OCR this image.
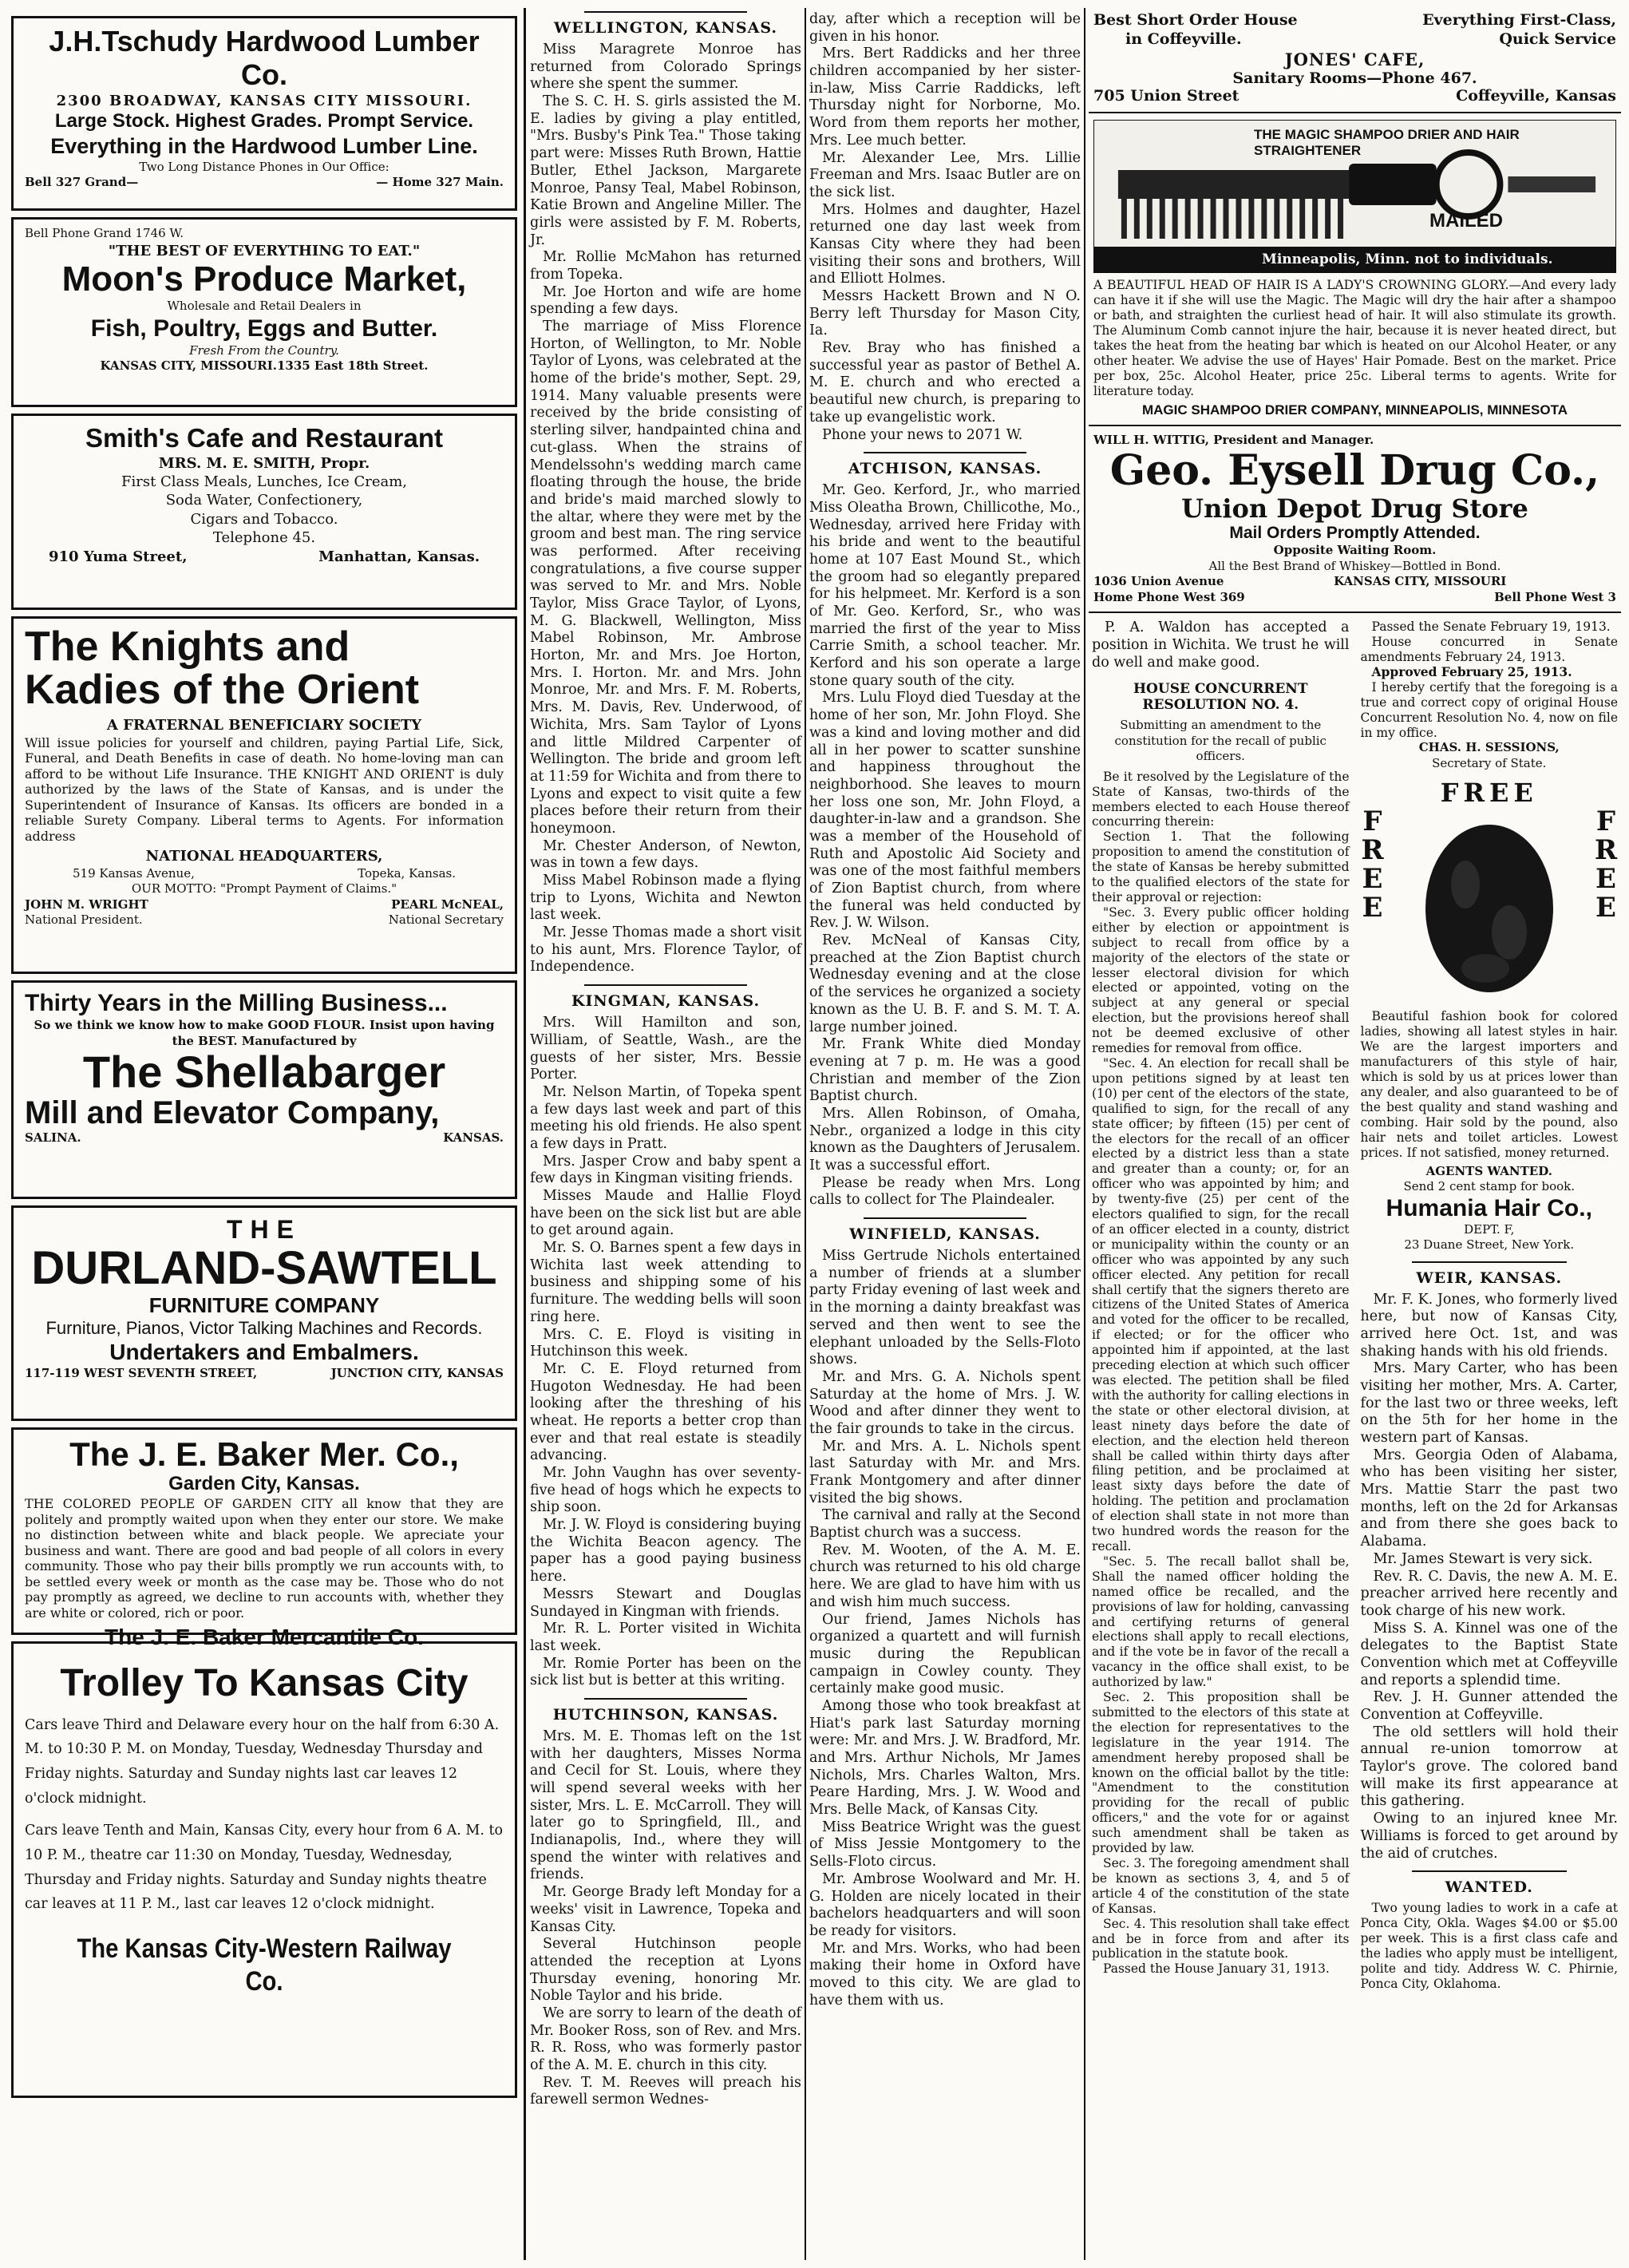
J.H.Tschudy Hardwood Lumber Co.
2300 BROADWAY, KANSAS CITY MISSOURI.
Large Stock. Highest Grades. Prompt Service.
Everything in the Hardwood Lumber Line.
Two Long Distance Phones in Our Office:
Bell 327 Grand—	— Home 327 Main.
Bell Phone Grand 1746 W.
"THE BEST OF EVERYTHING TO EAT."
Moon's Produce Market,
Wholesale and Retail Dealers in
Fish, Poultry, Eggs and Butter.
Fresh From the Country.
KANSAS CITY, MISSOURI.1335 East 18th Street.
Smith's Cafe and Restaurant
MRS. M. E. SMITH, Propr.
First Class Meals, Lunches, Ice Cream,
Soda Water, Confectionery,
Cigars and Tobacco.
Telephone 45.
910 Yuma Street,	Manhattan, Kansas.
The Knights and
Kadies of the Orient
A FRATERNAL BENEFICIARY SOCIETY

Will issue policies for yourself and children, paying Partial Life, Sick, Funeral, and Death Benefits in case of death. No home-loving man can afford to be without Life Insurance. THE KNIGHT AND ORIENT is duly authorized by the laws of the State of Kansas, and is under the Superintendent of Insurance of Kansas. Its officers are bonded in a reliable Surety Company. Liberal terms to Agents. For information address

NATIONAL HEADQUARTERS,
519 Kansas Avenue,	Topeka, Kansas.
OUR MOTTO: "Prompt Payment of Claims."
JOHN M. WRIGHT	PEARL McNEAL,
National President.	National Secretary
Thirty Years in the Milling Business...
So we think we know how to make GOOD FLOUR. Insist upon having the BEST. Manufactured by
The Shellabarger
Mill and Elevator Company,
SALINA.	KANSAS.
THE
DURLAND-SAWTELL
FURNITURE COMPANY
Furniture, Pianos, Victor Talking Machines and Records.
Undertakers and Embalmers.
117-119 WEST SEVENTH STREET,	JUNCTION CITY, KANSAS
The J. E. Baker Mer. Co.,
Garden City, Kansas.

THE COLORED PEOPLE OF GARDEN CITY all know that they are politely and promptly waited upon when they enter our store. We make no distinction between white and black people. We apreciate your business and want. There are good and bad people of all colors in every community. Those who pay their bills promptly we run accounts with, to be settled every week or month as the case may be. Those who do not pay promptly as agreed, we decline to run accounts with, whether they are white or colored, rich or poor.

The J. E. Baker Mercantile Co.
Trolley To Kansas City

Cars leave Third and Delaware every hour on the half from 6:30 A. M. to 10:30 P. M. on Monday, Tuesday, Wednesday Thursday and Friday nights. Saturday and Sunday nights last car leaves 12 o'clock midnight.

Cars leave Tenth and Main, Kansas City, every hour from 6 A. M. to 10 P. M., theatre car 11:30 on Monday, Tuesday, Wednesday, Thursday and Friday nights. Saturday and Sunday nights theatre car leaves at 11 P. M., last car leaves 12 o'clock midnight.

The Kansas City-Western Railway Co.
WELLINGTON, KANSAS.

Miss Maragrete Monroe has returned from Colorado Springs where she spent the summer.

The S. C. H. S. girls assisted the M. E. ladies by giving a play entitled, "Mrs. Busby's Pink Tea." Those taking part were: Misses Ruth Brown, Hattie Butler, Ethel Jackson, Margarete Monroe, Pansy Teal, Mabel Robinson, Katie Brown and Angeline Miller. The girls were assisted by F. M. Roberts, Jr.

Mr. Rollie McMahon has returned from Topeka.

Mr. Joe Horton and wife are home spending a few days.

The marriage of Miss Florence Horton, of Wellington, to Mr. Noble Taylor of Lyons, was celebrated at the home of the bride's mother, Sept. 29, 1914. Many valuable presents were received by the bride consisting of sterling silver, handpainted china and cut-glass. When the strains of Mendelssohn's wedding march came floating through the house, the bride and bride's maid marched slowly to the altar, where they were met by the groom and best man. The ring service was performed. After receiving congratulations, a five course supper was served to Mr. and Mrs. Noble Taylor, Miss Grace Taylor, of Lyons, M. G. Blackwell, Wellington, Miss Mabel Robinson, Mr. Ambrose Horton, Mr. and Mrs. Joe Horton, Mrs. I. Horton. Mr. and Mrs. John Monroe, Mr. and Mrs. F. M. Roberts, Mrs. M. Davis, Rev. Underwood, of Wichita, Mrs. Sam Taylor of Lyons and little Mildred Carpenter of Wellington. The bride and groom left at 11:59 for Wichita and from there to Lyons and expect to visit quite a few places before their return from their honeymoon.

Mr. Chester Anderson, of Newton, was in town a few days.

Miss Mabel Robinson made a flying trip to Lyons, Wichita and Newton last week.

Mr. Jesse Thomas made a short visit to his aunt, Mrs. Florence Taylor, of Independence.

KINGMAN, KANSAS.

Mrs. Will Hamilton and son, William, of Seattle, Wash., are the guests of her sister, Mrs. Bessie Porter.

Mr. Nelson Martin, of Topeka spent a few days last week and part of this meeting his old friends. He also spent a few days in Pratt.

Mrs. Jasper Crow and baby spent a few days in Kingman visiting friends.

Misses Maude and Hallie Floyd have been on the sick list but are able to get around again.

Mr. S. O. Barnes spent a few days in Wichita last week attending to business and shipping some of his furniture. The wedding bells will soon ring here.

Mrs. C. E. Floyd is visiting in Hutchinson this week.

Mr. C. E. Floyd returned from Hugoton Wednesday. He had been looking after the threshing of his wheat. He reports a better crop than ever and that real estate is steadily advancing.

Mr. John Vaughn has over seventy-five head of hogs which he expects to ship soon.

Mr. J. W. Floyd is considering buying the Wichita Beacon agency. The paper has a good paying business here.

Messrs Stewart and Douglas Sundayed in Kingman with friends.

Mr. R. L. Porter visited in Wichita last week.

Mr. Romie Porter has been on the sick list but is better at this writing.

HUTCHINSON, KANSAS.

Mrs. M. E. Thomas left on the 1st with her daughters, Misses Norma and Cecil for St. Louis, where they will spend several weeks with her sister, Mrs. L. E. McCarroll. They will later go to Springfield, Ill., and Indianapolis, Ind., where they will spend the winter with relatives and friends.

Mr. George Brady left Monday for a weeks' visit in Lawrence, Topeka and Kansas City.

Several Hutchinson people attended the reception at Lyons Thursday evening, honoring Mr. Noble Taylor and his bride.

We are sorry to learn of the death of Mr. Booker Ross, son of Rev. and Mrs. R. R. Ross, who was formerly pastor of the A. M. E. church in this city.

Rev. T. M. Reeves will preach his farewell sermon Wednes-

day, after which a reception will be given in his honor.

Mrs. Bert Raddicks and her three children accompanied by her sister-in-law, Miss Carrie Raddicks, left Thursday night for Norborne, Mo. Word from them reports her mother, Mrs. Lee much better.

Mr. Alexander Lee, Mrs. Lillie Freeman and Mrs. Isaac Butler are on the sick list.

Mrs. Holmes and daughter, Hazel returned one day last week from Kansas City where they had been visiting their sons and brothers, Will and Elliott Holmes.

Messrs Hackett Brown and N O. Berry left Thursday for Mason City, Ia.

Rev. Bray who has finished a successful year as pastor of Bethel A. M. E. church and who erected a beautiful new church, is preparing to take up evangelistic work.

Phone your news to 2071 W.

ATCHISON, KANSAS.

Mr. Geo. Kerford, Jr., who married Miss Oleatha Brown, Chillicothe, Mo., Wednesday, arrived here Friday with his bride and went to the beautiful home at 107 East Mound St., which the groom had so elegantly prepared for his helpmeet. Mr. Kerford is a son of Mr. Geo. Kerford, Sr., who was married the first of the year to Miss Carrie Smith, a school teacher. Mr. Kerford and his son operate a large stone quary south of the city.

Mrs. Lulu Floyd died Tuesday at the home of her son, Mr. John Floyd. She was a kind and loving mother and did all in her power to scatter sunshine and happiness throughout the neighborhood. She leaves to mourn her loss one son, Mr. John Floyd, a daughter-in-law and a grandson. She was a member of the Household of Ruth and Apostolic Aid Society and was one of the most faithful members of Zion Baptist church, from where the funeral was held conducted by Rev. J. W. Wilson.

Rev. McNeal of Kansas City, preached at the Zion Baptist church Wednesday evening and at the close of the services he organized a society known as the U. B. F. and S. M. T. A. large number joined.

Mr. Frank White died Monday evening at 7 p. m. He was a good Christian and member of the Zion Baptist church.

Mrs. Allen Robinson, of Omaha, Nebr., organized a lodge in this city known as the Daughters of Jerusalem. It was a successful effort.

Please be ready when Mrs. Long calls to collect for The Plaindealer.

WINFIELD, KANSAS.

Miss Gertrude Nichols entertained a number of friends at a slumber party Friday evening of last week and in the morning a dainty breakfast was served and then went to see the elephant unloaded by the Sells-Floto shows.

Mr. and Mrs. G. A. Nichols spent Saturday at the home of Mrs. J. W. Wood and after dinner they went to the fair grounds to take in the circus.

Mr. and Mrs. A. L. Nichols spent last Saturday with Mr. and Mrs. Frank Montgomery and after dinner visited the big shows.

The carnival and rally at the Second Baptist church was a success.

Rev. M. Wooten, of the A. M. E. church was returned to his old charge here. We are glad to have him with us and wish him much success.

Our friend, James Nichols has organized a quartett and will furnish music during the Republican campaign in Cowley county. They certainly make good music.

Among those who took breakfast at Hiat's park last Saturday morning were: Mr. and Mrs. J. W. Bradford, Mr. and Mrs. Arthur Nichols, Mr James Nichols, Mrs. Charles Walton, Mrs. Peare Harding, Mrs. J. W. Wood and Mrs. Belle Mack, of Kansas City.

Miss Beatrice Wright was the guest of Miss Jessie Montgomery to the Sells-Floto circus.

Mr. Ambrose Woolward and Mr. H. G. Holden are nicely located in their bachelors headquarters and will soon be ready for visitors.

Mr. and Mrs. Works, who had been making their home in Oxford have moved to this city. We are glad to have them with us.

Best Short Order House
in Coffeyville.
Everything First-Class,
Quick Service
JONES' CAFE,
Sanitary Rooms—Phone 467.
705 Union Street	Coffeyville, Kansas
THE MAGIC SHAMPOO DRIER AND HAIR STRAIGHTENER
MAILED
Minneapolis, Minn. not to individuals.

A BEAUTIFUL HEAD OF HAIR IS A LADY'S CROWNING GLORY.—And every lady can have it if she will use the Magic. The Magic will dry the hair after a shampoo or bath, and straighten the curliest head of hair. It will also stimulate its growth. The Aluminum Comb cannot injure the hair, because it is never heated direct, but takes the heat from the heating bar which is heated on our Alcohol Heater, or any other heater. We advise the use of Hayes' Hair Pomade. Best on the market. Price per box, 25c. Alcohol Heater, price 25c. Liberal terms to agents. Write for literature today.

MAGIC SHAMPOO DRIER COMPANY, MINNEAPOLIS, MINNESOTA
WILL H. WITTIG, President and Manager.
Geo. Eysell Drug Co.,
Union Depot Drug Store
Mail Orders Promptly Attended.
Opposite Waiting Room.
All the Best Brand of Whiskey—Bottled in Bond.
1036 Union Avenue	KANSAS CITY, MISSOURI
Home Phone West 369	Bell Phone West 3

P. A. Waldon has accepted a position in Wichita. We trust he will do well and make good.

HOUSE CONCURRENT RESOLUTION NO. 4.
Submitting an amendment to the constitution for the recall of public officers.

Be it resolved by the Legislature of the State of Kansas, two-thirds of the members elected to each House thereof concurring therein:

Section 1. That the following proposition to amend the constitution of the state of Kansas be hereby submitted to the qualified electors of the state for their approval or rejection:

"Sec. 3. Every public officer holding either by election or appointment is subject to recall from office by a majority of the electors of the state or lesser electoral division for which elected or appointed, voting on the subject at any general or special election, but the provisions hereof shall not be deemed exclusive of other remedies for removal from office.

"Sec. 4. An election for recall shall be upon petitions signed by at least ten (10) per cent of the electors of the state, qualified to sign, for the recall of any state officer; by fifteen (15) per cent of the electors for the recall of an officer elected by a district less than a state and greater than a county; or, for an officer who was appointed by him; and by twenty-five (25) per cent of the electors qualified to sign, for the recall of an officer elected in a county, district or municipality within the county or an officer who was appointed by any such officer elected. Any petition for recall shall certify that the signers thereto are citizens of the United States of America and voted for the officer to be recalled, if elected; or for the officer who appointed him if appointed, at the last preceding election at which such officer was elected. The petition shall be filed with the authority for calling elections in the state or other electoral division, at least ninety days before the date of election, and the election held thereon shall be called within thirty days after filing petition, and be proclaimed at least sixty days before the date of holding. The petition and proclamation of election shall state in not more than two hundred words the reason for the recall.

"Sec. 5. The recall ballot shall be, Shall the named officer holding the named office be recalled, and the provisions of law for holding, canvassing and certifying returns of general elections shall apply to recall elections, and if the vote be in favor of the recall a vacancy in the office shall exist, to be authorized by law."

Sec. 2. This proposition shall be submitted to the electors of this state at the election for representatives to the legislature in the year 1914. The amendment hereby proposed shall be known on the official ballot by the title: "Amendment to the constitution providing for the recall of public officers," and the vote for or against such amendment shall be taken as provided by law.

Sec. 3. The foregoing amendment shall be known as sections 3, 4, and 5 of article 4 of the constitution of the state of Kansas.

Sec. 4. This resolution shall take effect and be in force from and after its publication in the statute book.

Passed the House January 31, 1913.

Passed the Senate February 19, 1913.

House concurred in Senate amendments February 24, 1913.

Approved February 25, 1913.

I hereby certify that the foregoing is a true and correct copy of original House Concurrent Resolution No. 4, now on file in my office.

CHAS. H. SESSIONS,
Secretary of State.
FREE
F
R
E
E
F
R
E
E

Beautiful fashion book for colored ladies, showing all latest styles in hair. We are the largest importers and manufacturers of this style of hair, which is sold by us at prices lower than any dealer, and also guaranteed to be of the best quality and stand washing and combing. Hair sold by the pound, also hair nets and toilet articles. Lowest prices. If not satisfied, money returned.

AGENTS WANTED.
Send 2 cent stamp for book.
Humania Hair Co.,
DEPT. F,
23 Duane Street, New York.
WEIR, KANSAS.

Mr. F. K. Jones, who formerly lived here, but now of Kansas City, arrived here Oct. 1st, and was shaking hands with his old friends.

Mrs. Mary Carter, who has been visiting her mother, Mrs. A. Carter, for the last two or three weeks, left on the 5th for her home in the western part of Kansas.

Mrs. Georgia Oden of Alabama, who has been visiting her sister, Mrs. Mattie Starr the past two months, left on the 2d for Arkansas and from there she goes back to Alabama.

Mr. James Stewart is very sick.

Rev. R. C. Davis, the new A. M. E. preacher arrived here recently and took charge of his new work.

Miss S. A. Kinnel was one of the delegates to the Baptist State Convention which met at Coffeyville and reports a splendid time.

Rev. J. H. Gunner attended the Convention at Coffeyville.

The old settlers will hold their annual re-union tomorrow at Taylor's grove. The colored band will make its first appearance at this gathering.

Owing to an injured knee Mr. Williams is forced to get around by the aid of crutches.

WANTED.

Two young ladies to work in a cafe at Ponca City, Okla. Wages $4.00 or $5.00 per week. This is a first class cafe and the ladies who apply must be intelligent, polite and tidy. Address W. C. Phirnie, Ponca City, Oklahoma.
